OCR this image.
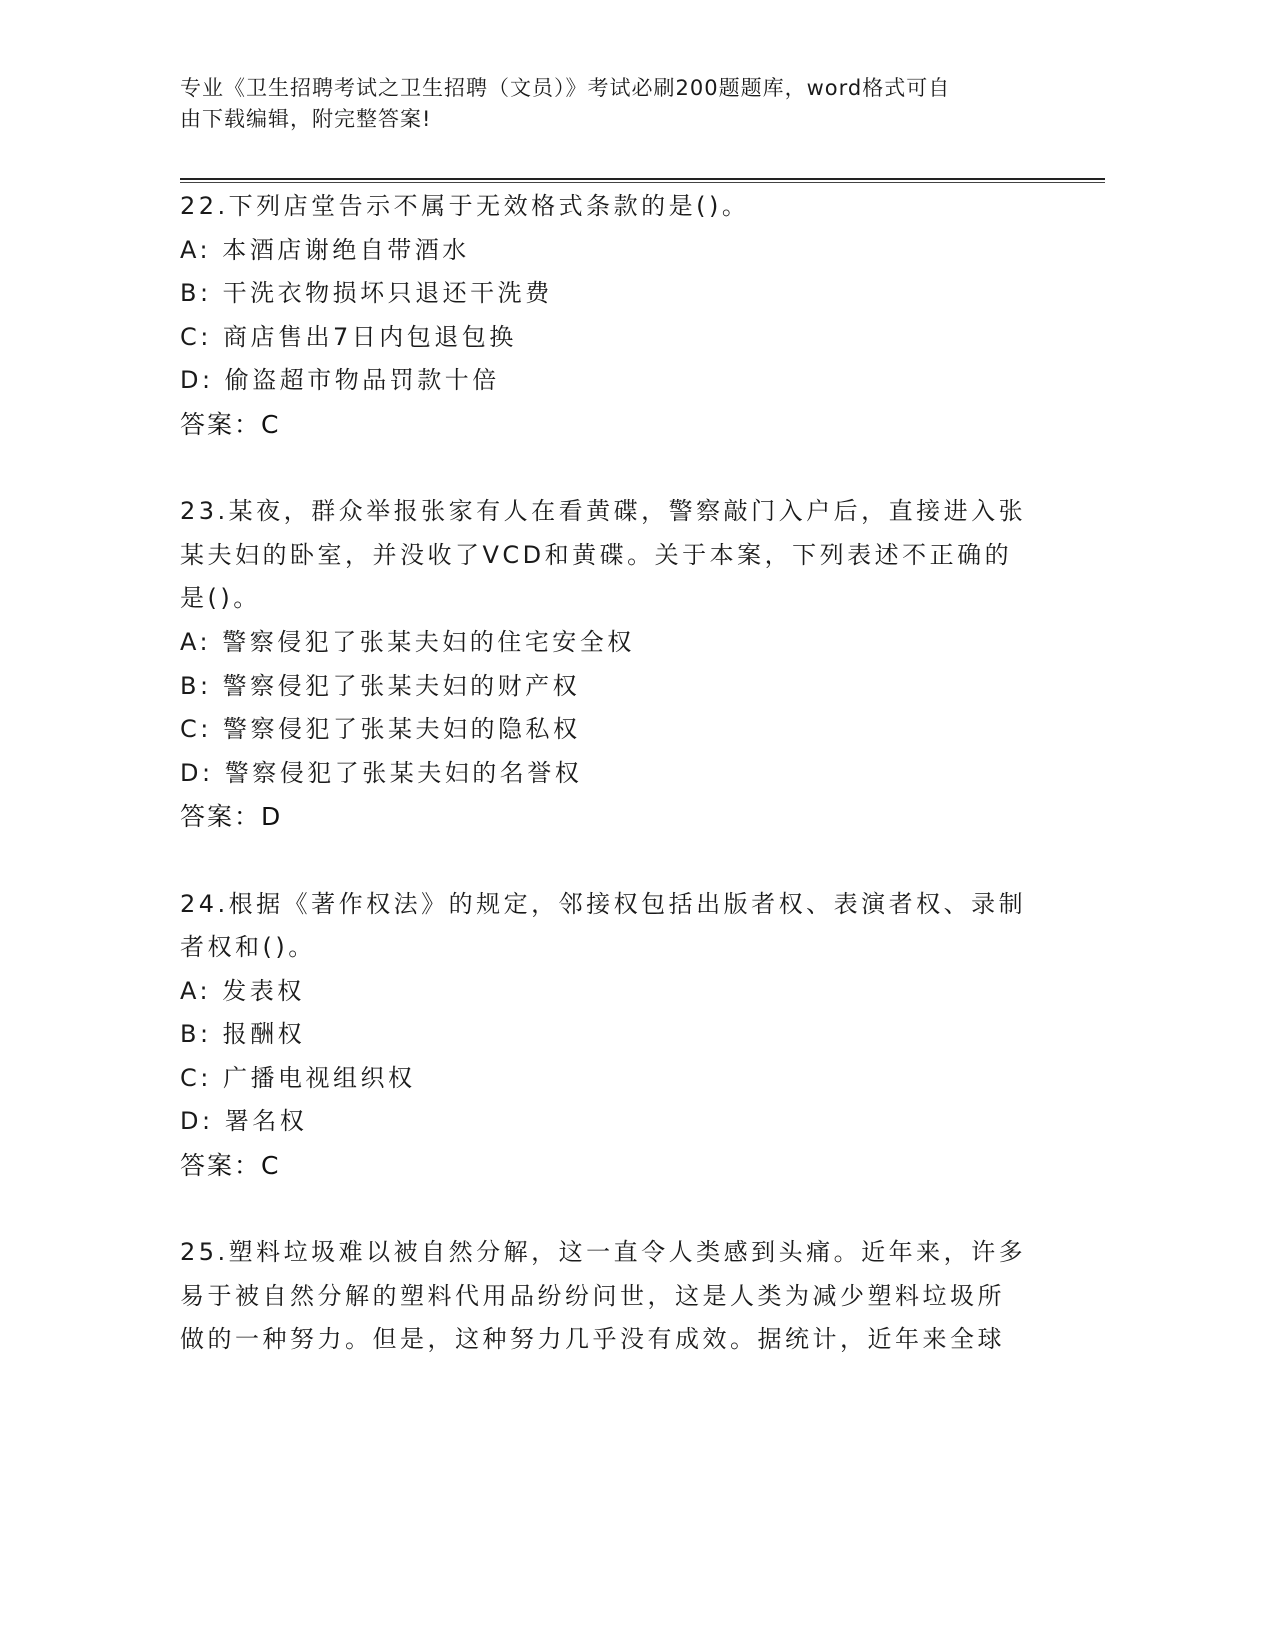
专业《卫生招聘考试之卫生招聘（文员）》考试必刷200题题库，word格式可自
由下载编辑，附完整答案!
22.下列店堂告示不属于无效格式条款的是()。
A: 本酒店谢绝自带酒水
B: 干洗衣物损坏只退还干洗费
C: 商店售出7日内包退包换
D: 偷盗超市物品罚款十倍
答案：C
23.某夜，群众举报张家有人在看黄碟，警察敲门入户后，直接进入张
某夫妇的卧室，并没收了VCD和黄碟。关于本案，下列表述不正确的
是()。
A: 警察侵犯了张某夫妇的住宅安全权
B: 警察侵犯了张某夫妇的财产权
C: 警察侵犯了张某夫妇的隐私权
D: 警察侵犯了张某夫妇的名誉权
答案：D
24.根据《著作权法》的规定，邻接权包括出版者权、表演者权、录制
者权和()。
A: 发表权
B: 报酬权
C: 广播电视组织权
D: 署名权
答案：C
25.塑料垃圾难以被自然分解，这一直令人类感到头痛。近年来，许多
易于被自然分解的塑料代用品纷纷问世，这是人类为减少塑料垃圾所
做的一种努力。但是，这种努力几乎没有成效。据统计，近年来全球
